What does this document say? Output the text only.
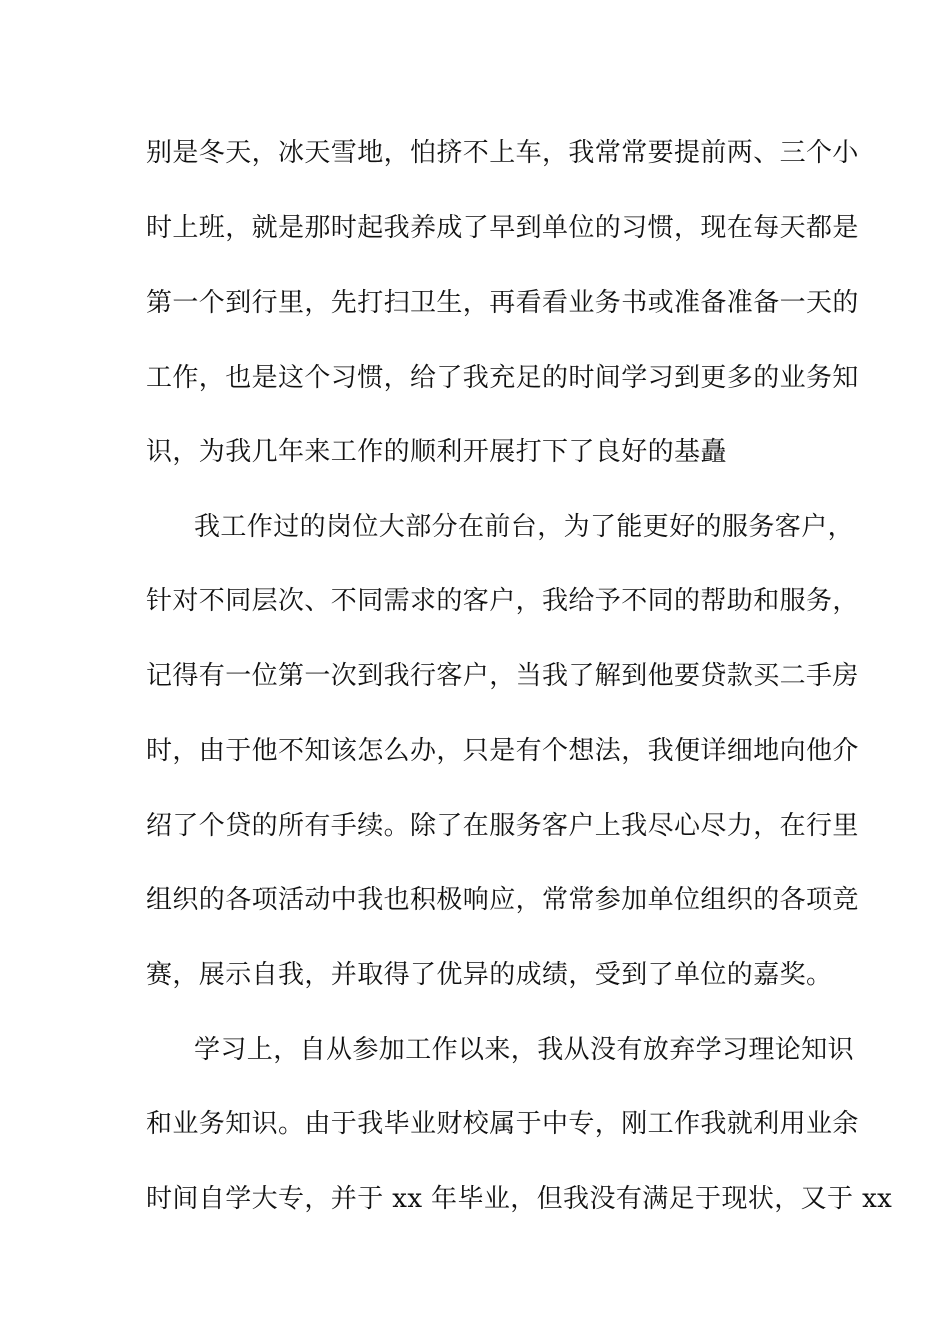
别是冬天，冰天雪地，怕挤不上车，我常常要提前两、三个小
时上班，就是那时起我养成了早到单位的习惯，现在每天都是
第一个到行里，先打扫卫生，再看看业务书或准备准备一天的
工作，也是这个习惯，给了我充足的时间学习到更多的业务知
识，为我几年来工作的顺利开展打下了良好的基矗
我工作过的岗位大部分在前台，为了能更好的服务客户，
针对不同层次、不同需求的客户，我给予不同的帮助和服务，
记得有一位第一次到我行客户，当我了解到他要贷款买二手房
时，由于他不知该怎么办，只是有个想法，我便详细地向他介
绍了个贷的所有手续。除了在服务客户上我尽心尽力，在行里
组织的各项活动中我也积极响应，常常参加单位组织的各项竞
赛，展示自我，并取得了优异的成绩，受到了单位的嘉奖。
学习上，自从参加工作以来，我从没有放弃学习理论知识
和业务知识。由于我毕业财校属于中专，刚工作我就利用业余
时间自学大专，并于 xx 年毕业，但我没有满足于现状，又于 xx
